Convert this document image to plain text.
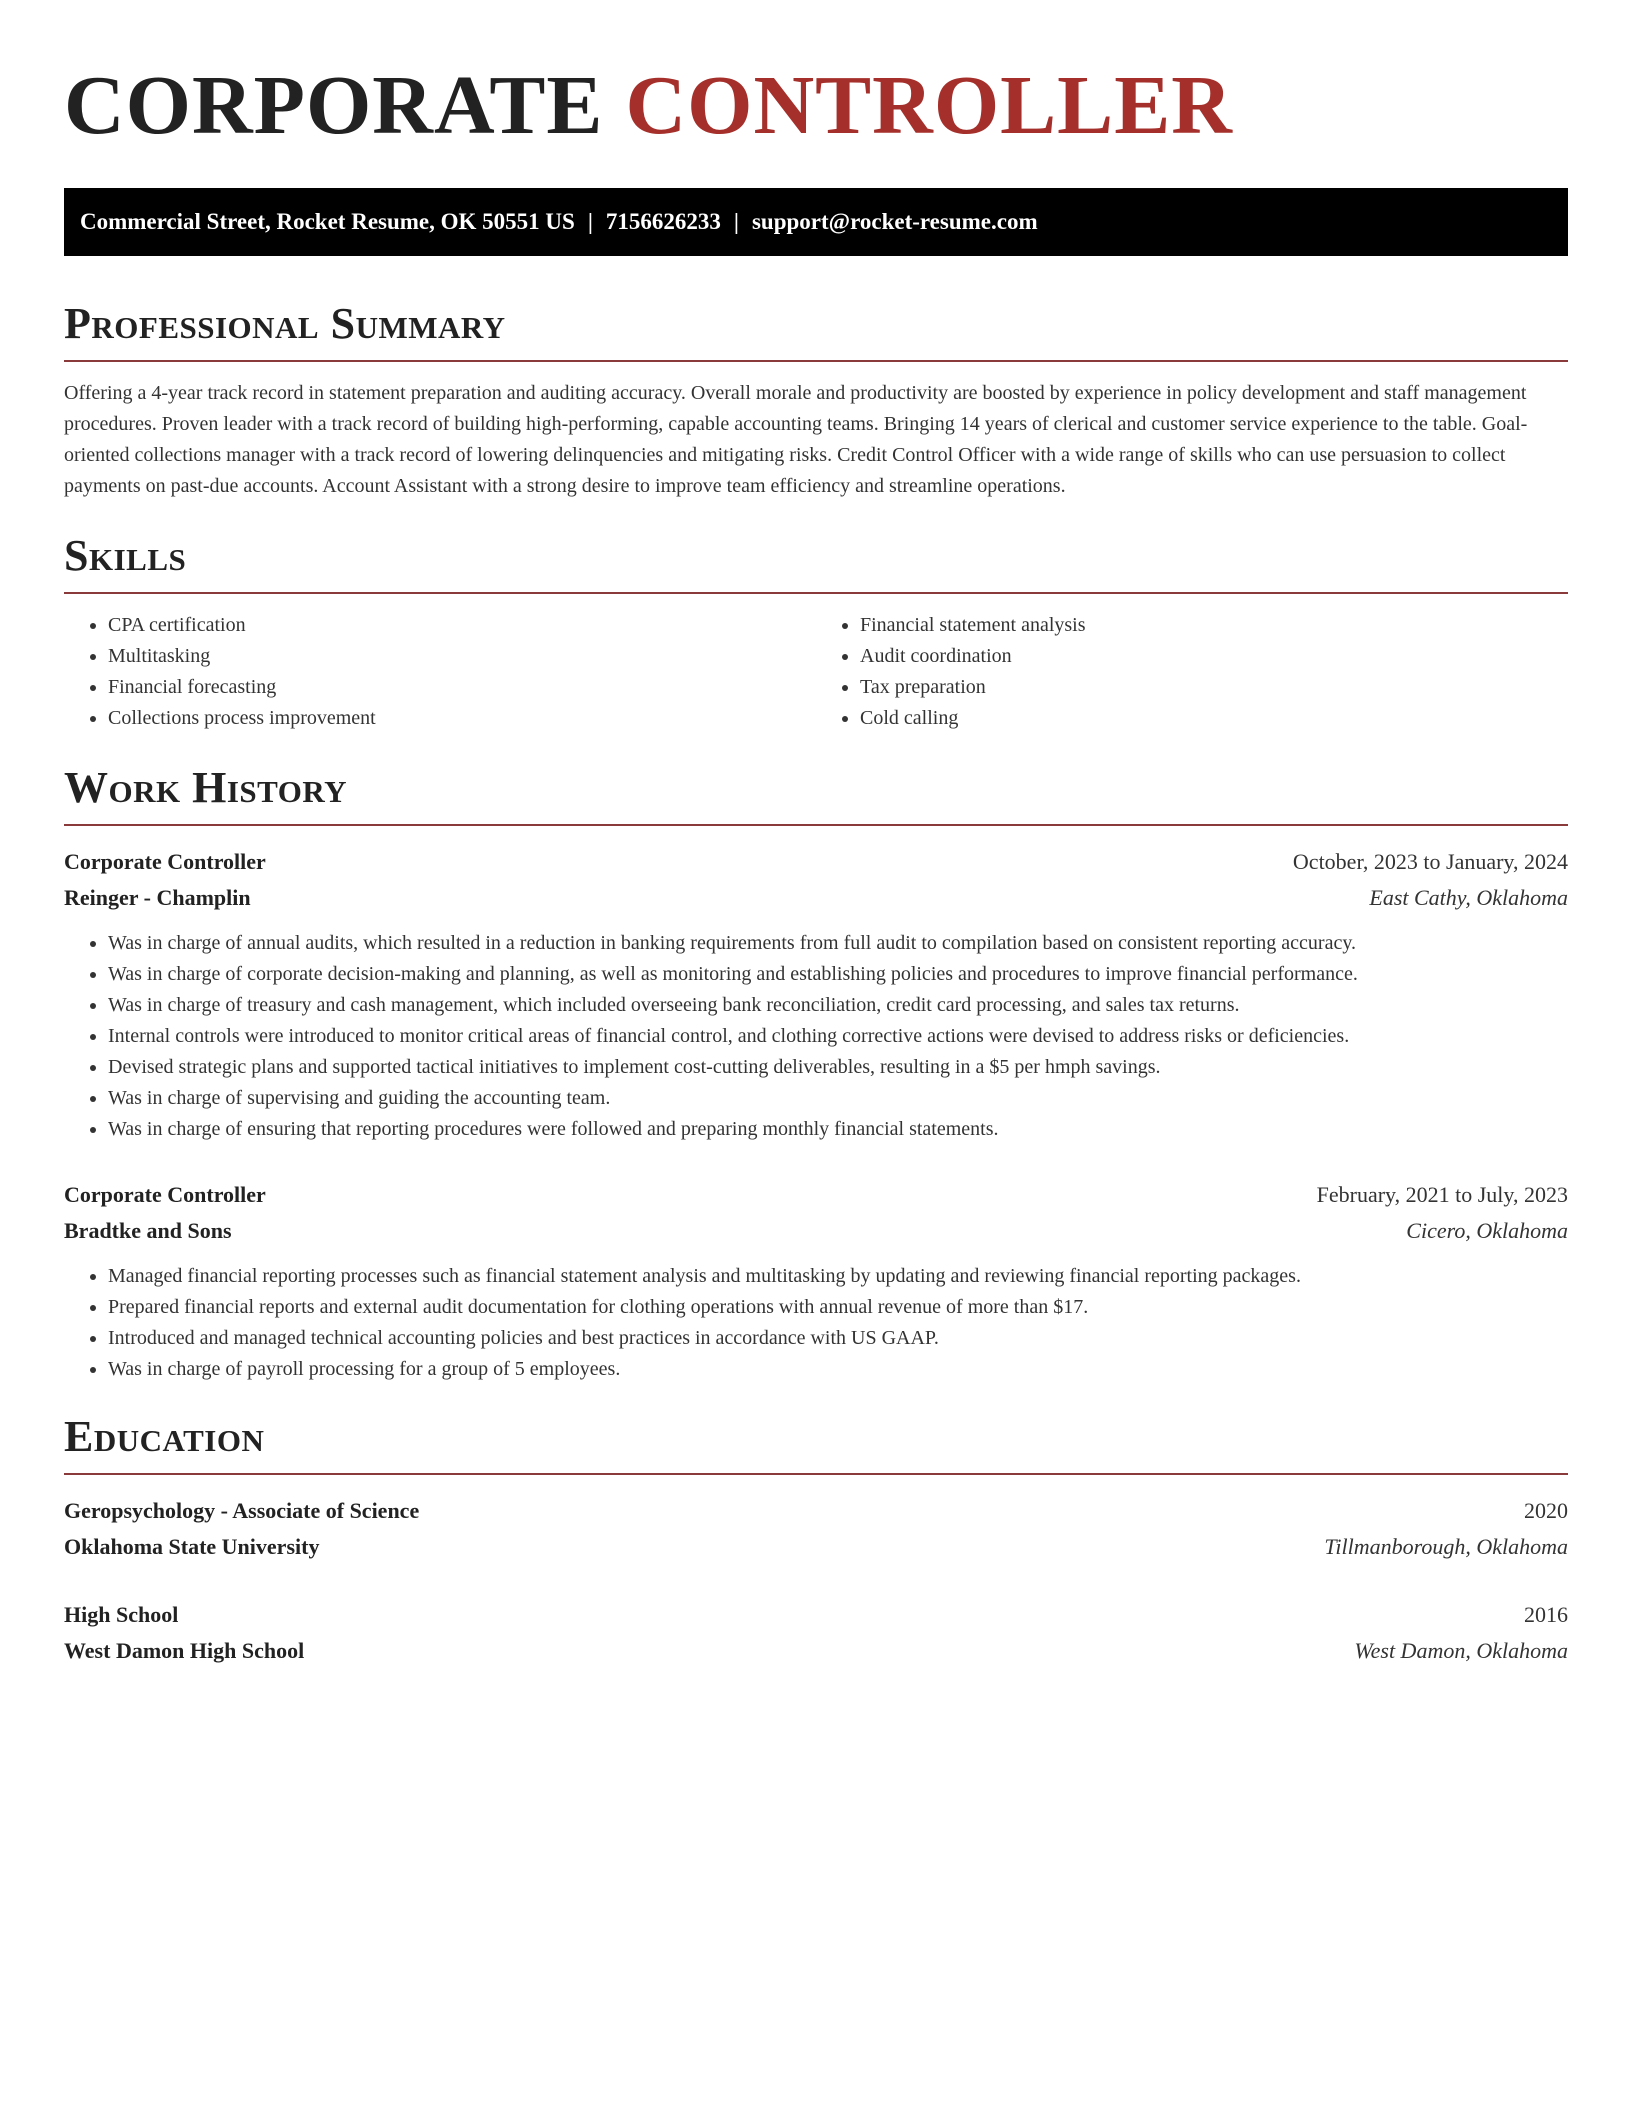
CORPORATE CONTROLLER
Commercial Street, Rocket Resume, OK 50551 US | 7156626233 | support@rocket-resume.com
Professional Summary
Offering a 4-year track record in statement preparation and auditing accuracy. Overall morale and productivity are boosted by experience in policy development and staff management procedures. Proven leader with a track record of building high-performing, capable accounting teams. Bringing 14 years of clerical and customer service experience to the table. Goal-oriented collections manager with a track record of lowering delinquencies and mitigating risks. Credit Control Officer with a wide range of skills who can use persuasion to collect payments on past-due accounts. Account Assistant with a strong desire to improve team efficiency and streamline operations.
Skills
• CPA certification
• Multitasking
• Financial forecasting
• Collections process improvement
• Financial statement analysis
• Audit coordination
• Tax preparation
• Cold calling
Work History
Corporate Controller	October, 2023 to January, 2024
Reinger - Champlin	East Cathy, Oklahoma
• Was in charge of annual audits, which resulted in a reduction in banking requirements from full audit to compilation based on consistent reporting accuracy.
• Was in charge of corporate decision-making and planning, as well as monitoring and establishing policies and procedures to improve financial performance.
• Was in charge of treasury and cash management, which included overseeing bank reconciliation, credit card processing, and sales tax returns.
• Internal controls were introduced to monitor critical areas of financial control, and clothing corrective actions were devised to address risks or deficiencies.
• Devised strategic plans and supported tactical initiatives to implement cost-cutting deliverables, resulting in a $5 per hmph savings.
• Was in charge of supervising and guiding the accounting team.
• Was in charge of ensuring that reporting procedures were followed and preparing monthly financial statements.
Corporate Controller	February, 2021 to July, 2023
Bradtke and Sons	Cicero, Oklahoma
• Managed financial reporting processes such as financial statement analysis and multitasking by updating and reviewing financial reporting packages.
• Prepared financial reports and external audit documentation for clothing operations with annual revenue of more than $17.
• Introduced and managed technical accounting policies and best practices in accordance with US GAAP.
• Was in charge of payroll processing for a group of 5 employees.
Education
Geropsychology - Associate of Science	2020
Oklahoma State University	Tillmanborough, Oklahoma
High School	2016
West Damon High School	West Damon, Oklahoma
